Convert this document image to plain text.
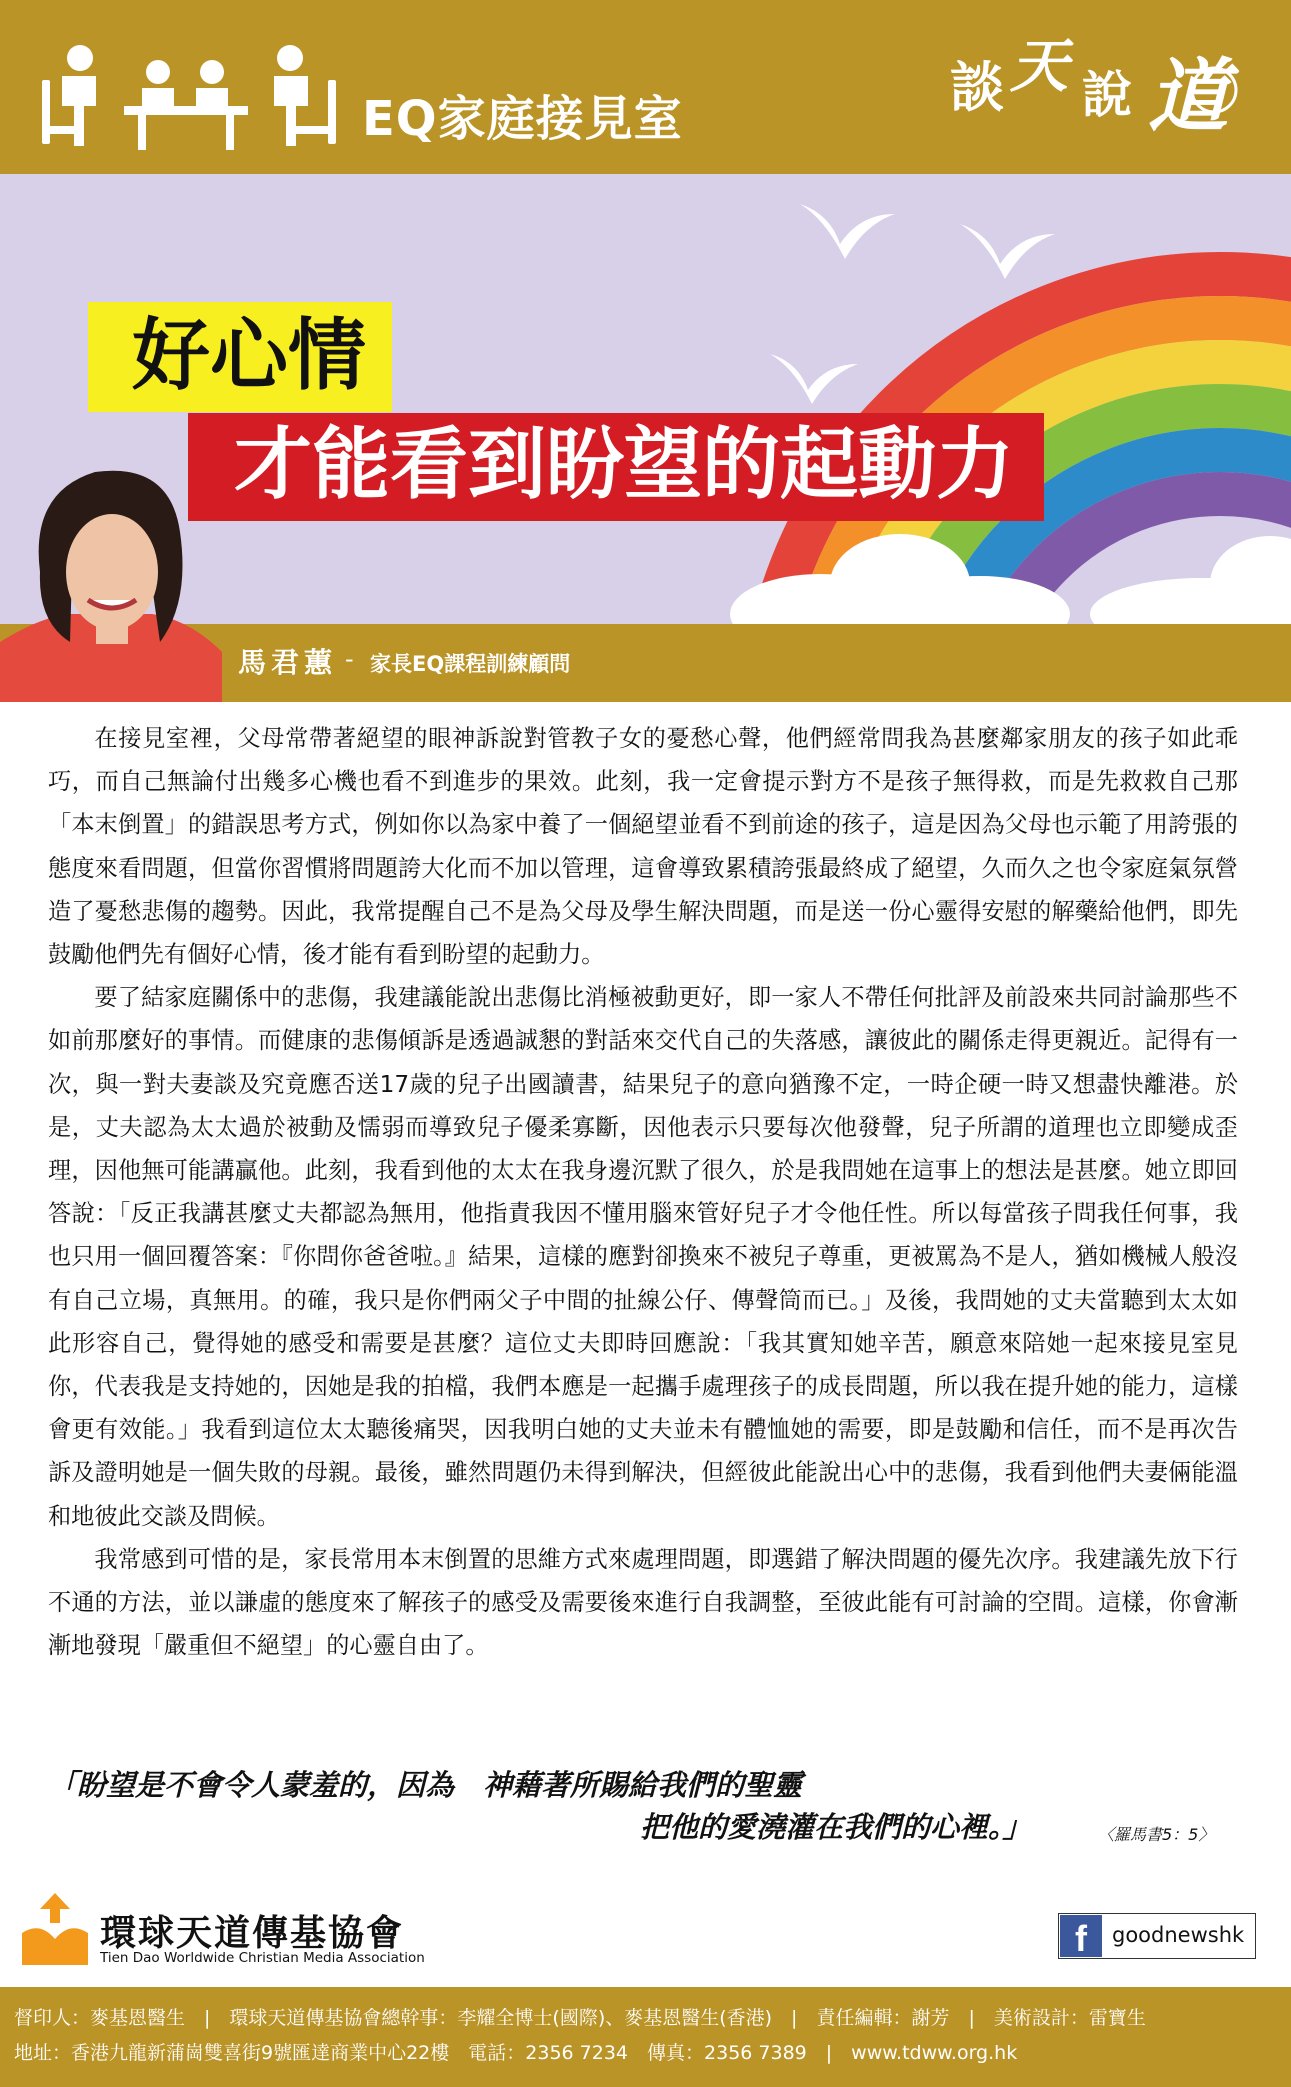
EQ家庭接見室	談 天 說 道
好心情
才能看到盼望的起動力
馬君蕙 - 家長EQ課程訓練顧問

在接見室裡，父母常帶著絕望的眼神訴說對管教子女的憂愁心聲，他們經常問我為甚麼鄰家朋友的孩子如此乖巧，而自己無論付出幾多心機也看不到進步的果效。此刻，我一定會提示對方不是孩子無得救，而是先救救自己那「本末倒置」的錯誤思考方式，例如你以為家中養了一個絕望並看不到前途的孩子，這是因為父母也示範了用誇張的態度來看問題，但當你習慣將問題誇大化而不加以管理，這會導致累積誇張最終成了絕望，久而久之也令家庭氣氛營造了憂愁悲傷的趨勢。因此，我常提醒自己不是為父母及學生解決問題，而是送一份心靈得安慰的解藥給他們，即先鼓勵他們先有個好心情，後才能有看到盼望的起動力。

要了結家庭關係中的悲傷，我建議能說出悲傷比消極被動更好，即一家人不帶任何批評及前設來共同討論那些不如前那麼好的事情。而健康的悲傷傾訴是透過誠懇的對話來交代自己的失落感，讓彼此的關係走得更親近。記得有一次，與一對夫妻談及究竟應否送17歲的兒子出國讀書，結果兒子的意向猶豫不定，一時企硬一時又想盡快離港。於是，丈夫認為太太過於被動及懦弱而導致兒子優柔寡斷，因他表示只要每次他發聲，兒子所謂的道理也立即變成歪理，因他無可能講贏他。此刻，我看到他的太太在我身邊沉默了很久，於是我問她在這事上的想法是甚麼。她立即回答說：「反正我講甚麼丈夫都認為無用，他指責我因不懂用腦來管好兒子才令他任性。所以每當孩子問我任何事，我也只用一個回覆答案：『你問你爸爸啦。』結果，這樣的應對卻換來不被兒子尊重，更被罵為不是人，猶如機械人般沒有自己立場，真無用。的確，我只是你們兩父子中間的扯線公仔、傳聲筒而已。」及後，我問她的丈夫當聽到太太如此形容自己，覺得她的感受和需要是甚麼？這位丈夫即時回應說：「我其實知她辛苦，願意來陪她一起來接見室見你，代表我是支持她的，因她是我的拍檔，我們本應是一起攜手處理孩子的成長問題，所以我在提升她的能力，這樣會更有效能。」我看到這位太太聽後痛哭，因我明白她的丈夫並未有體恤她的需要，即是鼓勵和信任，而不是再次告訴及證明她是一個失敗的母親。最後，雖然問題仍未得到解決，但經彼此能說出心中的悲傷，我看到他們夫妻倆能溫和地彼此交談及問候。

我常感到可惜的是，家長常用本末倒置的思維方式來處理問題，即選錯了解決問題的優先次序。我建議先放下行不通的方法，並以謙虛的態度來了解孩子的感受及需要後來進行自我調整，至彼此能有可討論的空間。這樣，你會漸漸地發現「嚴重但不絕望」的心靈自由了。

「盼望是不會令人蒙羞的，因為　神藉著所賜給我們的聖靈
把他的愛澆灌在我們的心裡。」	〈羅馬書5：5〉
環球天道傳基協會
Tien Dao Worldwide Christian Media Association	f	goodnewshk
督印人：麥基恩醫生　|　環球天道傳基協會總幹事：李耀全博士(國際)、麥基恩醫生(香港)　|　責任編輯：謝芳　|　美術設計：雷寶生
地址：香港九龍新蒲崗雙喜街9號匯達商業中心22樓　電話：2356 7234　傳真：2356 7389　|　www.tdww.org.hk
